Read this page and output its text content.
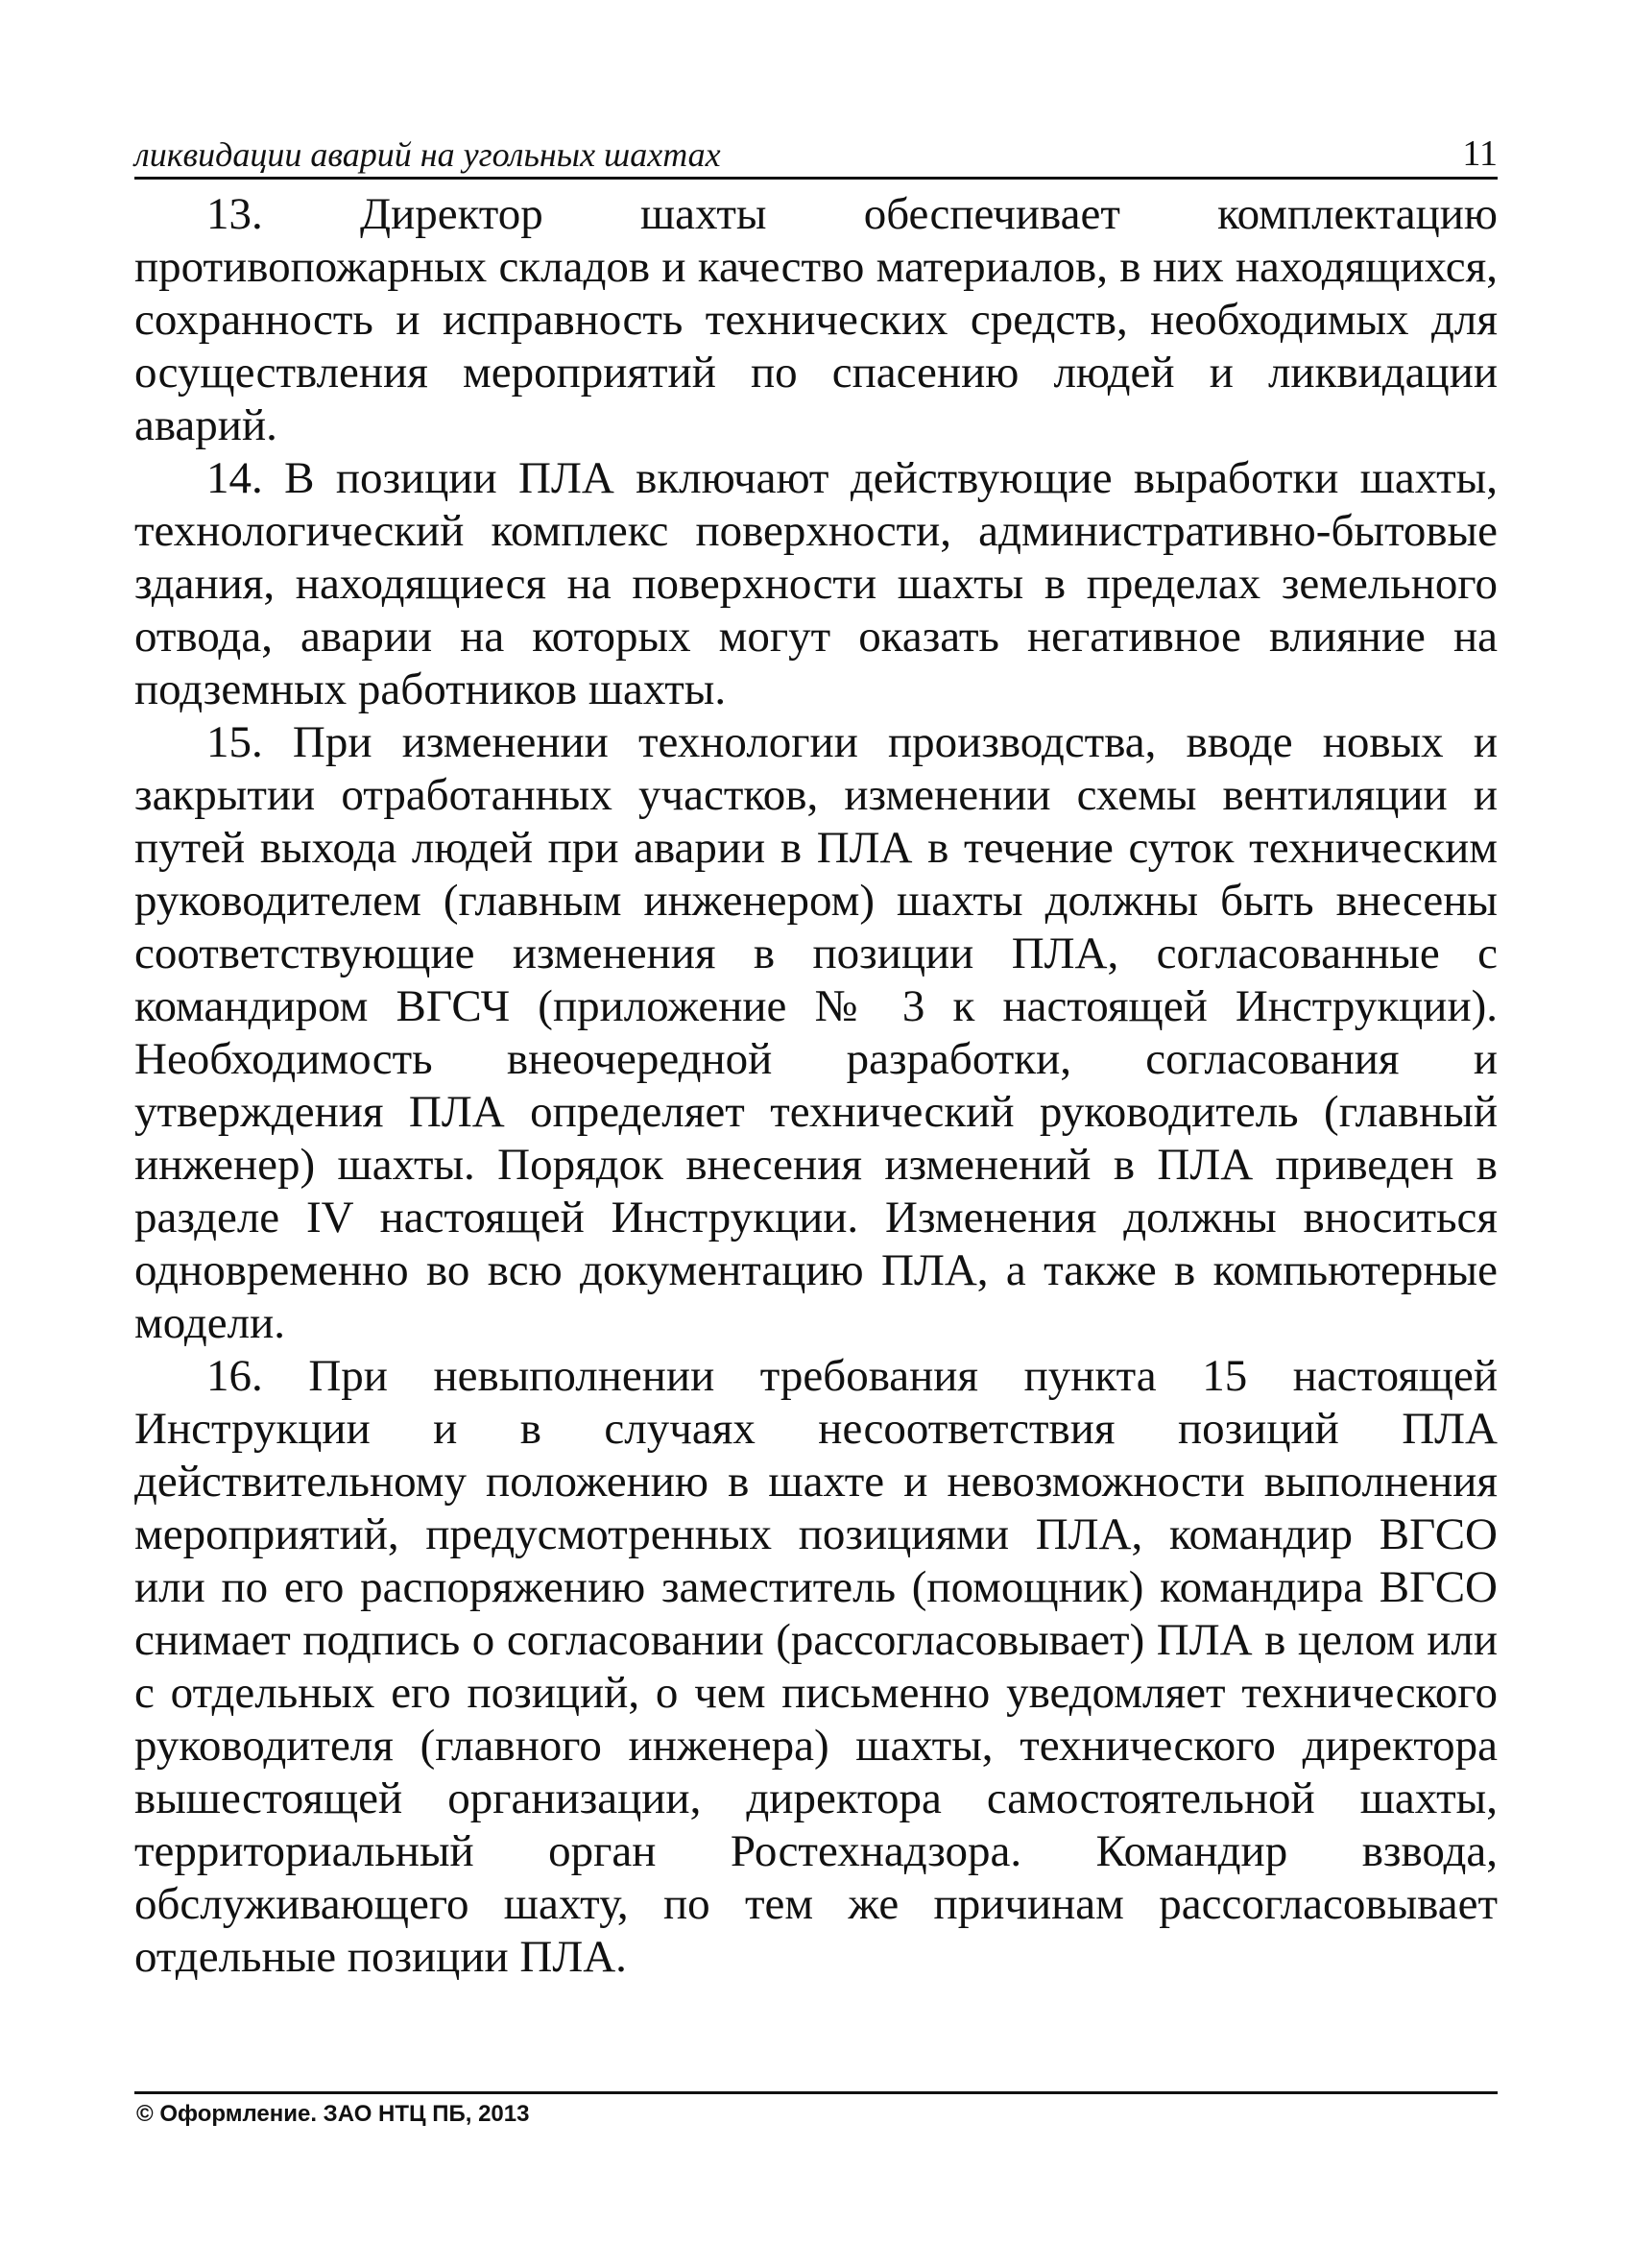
ликвидации аварий на угольных шахтах	11

13. Директор шахты обеспечивает комплектацию противопожарных складов и качество материалов, в них находящихся, сохранность и исправность технических средств, необходимых для осуществления мероприятий по спасению людей и ликвидации аварий.

14. В позиции ПЛА включают действующие выработки шахты, технологический комплекс поверхности, административно-бытовые здания, находящиеся на поверхности шахты в пределах земельного отвода, аварии на которых могут оказать негативное влияние на подземных работников шахты.

15. При изменении технологии производства, вводе новых и закрытии отработанных участков, изменении схемы вентиляции и путей выхода людей при аварии в ПЛА в течение суток техническим руководителем (главным инженером) шахты должны быть внесены соответствующие изменения в позиции ПЛА, согласованные с командиром ВГСЧ (приложение № 3 к настоящей Инструкции). Необходимость внеочередной разработки, согласования и утверждения ПЛА определяет технический руководитель (главный инженер) шахты. Порядок внесения изменений в ПЛА приведен в разделе IV настоящей Инструкции. Изменения должны вноситься одновременно во всю документацию ПЛА, а также в компьютерные модели.

16. При невыполнении требования пункта 15 настоящей Инструкции и в случаях несоответствия позиций ПЛА действительному положению в шахте и невозможности выполнения мероприятий, предусмотренных позициями ПЛА, командир ВГСО или по его распоряжению заместитель (помощник) командира ВГСО снимает подпись о согласовании (рассогласовывает) ПЛА в целом или с отдельных его позиций, о чем письменно уведомляет технического руководителя (главного инженера) шахты, технического директора вышестоящей организации, директора самостоятельной шахты, территориальный орган Ростехнадзора. Командир взвода, обслуживающего шахту, по тем же причинам рассогласовывает отдельные позиции ПЛА.

© Оформление. ЗАО НТЦ ПБ, 2013
